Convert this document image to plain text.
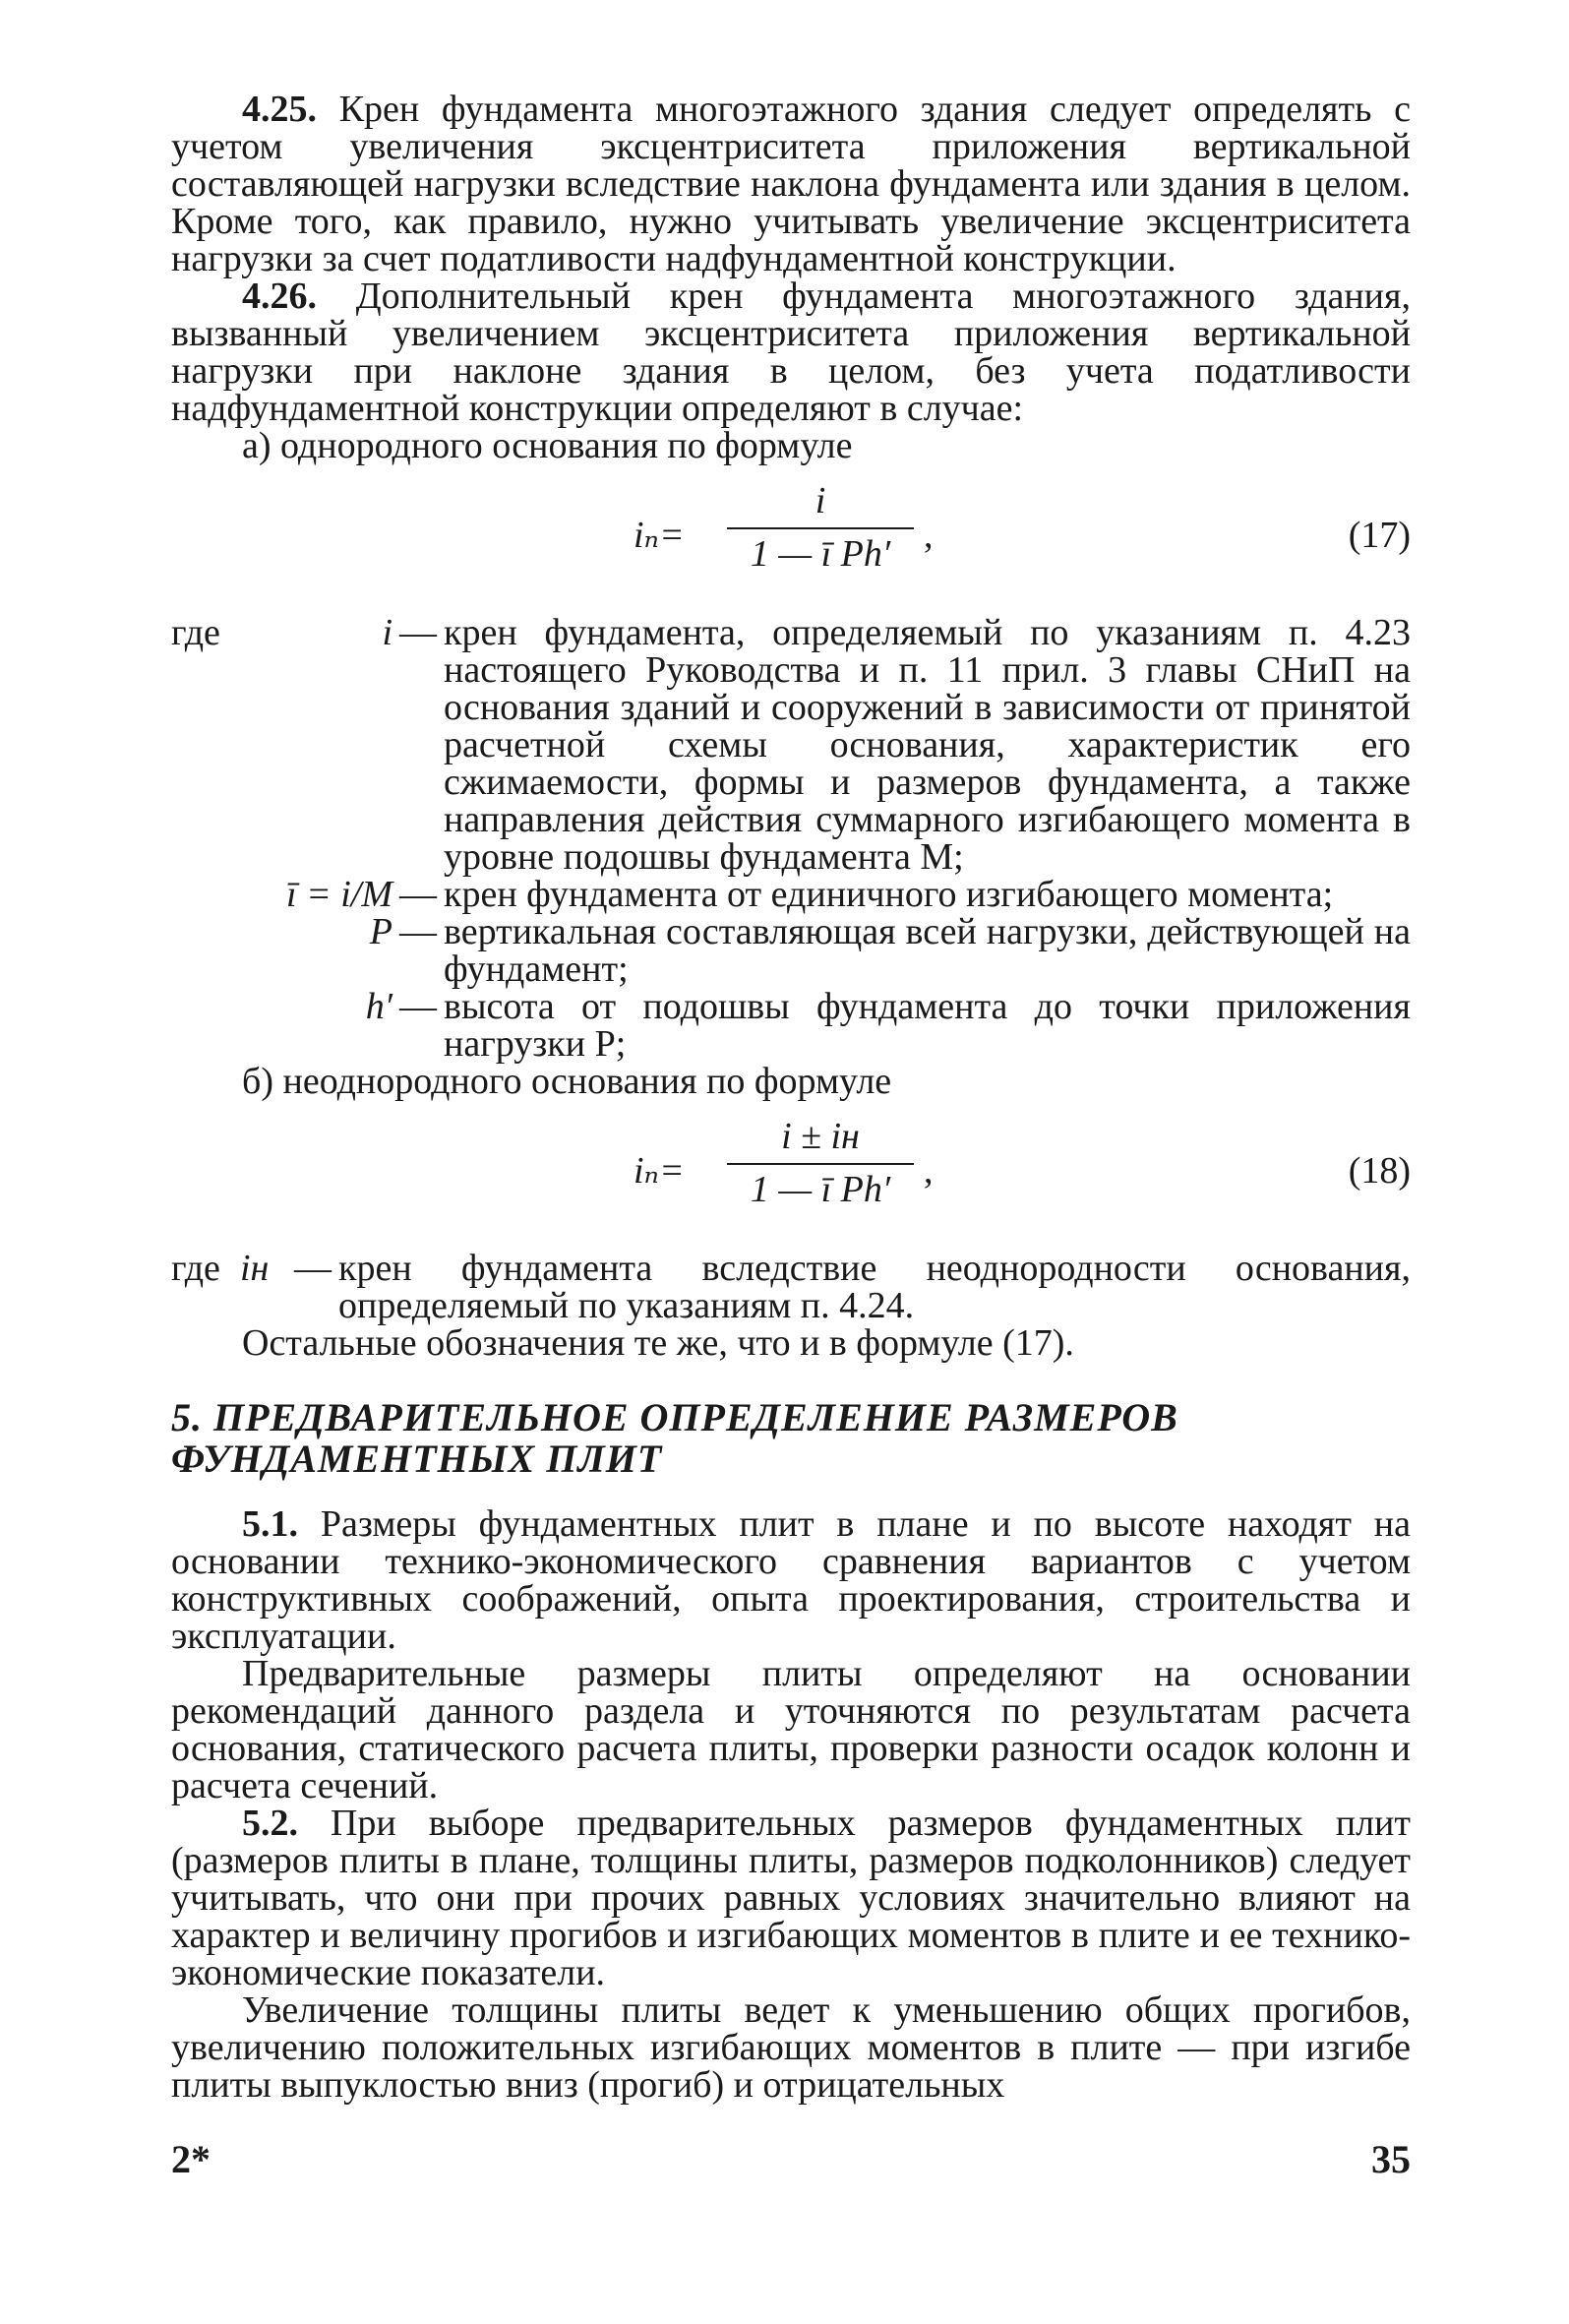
4.25. Крен фундамента многоэтажного здания следует определять с учетом увеличения эксцентриситета приложения вертикальной составляющей нагрузки вследствие наклона фундамента или здания в целом. Кроме того, как правило, нужно учитывать увеличение эксцентриситета нагрузки за счет податливости надфундаментной конструкции.

4.26. Дополнительный крен фундамента многоэтажного здания, вызванный увеличением эксцентриситета приложения вертикальной нагрузки при наклоне здания в целом, без учета податливости надфундаментной конструкции определяют в случае:

а) однородного основания по формуле

iₙ=
i
1 — ī Ph′ ,	(17)
где	i — крен фундамента, определяемый по указаниям п. 4.23 настоящего Руководства и п. 11 прил. 3 главы СНиП на основания зданий и сооружений в зависимости от принятой расчетной схемы основания, характеристик его сжимаемости, формы и размеров фундамента, а также направления действия суммарного изгибающего момента в уровне подошвы фундамента М;
ī = i/M — крен фундамента от единичного изгибающего момента;
P — вертикальная составляющая всей нагрузки, действующей на фундамент;
h′ — высота от подошвы фундамента до точки приложения нагрузки P;

б) неоднородного основания по формуле

iₙ=
i ± iн
1 — ī Ph′ ,	(18)
где iн — крен фундамента вследствие неоднородности основания, определяемый по указаниям п. 4.24.

Остальные обозначения те же, что и в формуле (17).

5. ПРЕДВАРИТЕЛЬНОЕ ОПРЕДЕЛЕНИЕ РАЗМЕРОВ ФУНДАМЕНТНЫХ ПЛИТ

5.1. Размеры фундаментных плит в плане и по высоте находят на основании технико-экономического сравнения вариантов с учетом конструктивных соображений, опыта проектирования, строительства и эксплуатации.

Предварительные размеры плиты определяют на основании рекомендаций данного раздела и уточняются по результатам расчета основания, статического расчета плиты, проверки разности осадок колонн и расчета сечений.

5.2. При выборе предварительных размеров фундаментных плит (размеров плиты в плане, толщины плиты, размеров подколонников) следует учитывать, что они при прочих равных условиях значительно влияют на характер и величину прогибов и изгибающих моментов в плите и ее технико-экономические показатели.

Увеличение толщины плиты ведет к уменьшению общих прогибов, увеличению положительных изгибающих моментов в плите — при изгибе плиты выпуклостью вниз (прогиб) и отрицательных

2*	35
